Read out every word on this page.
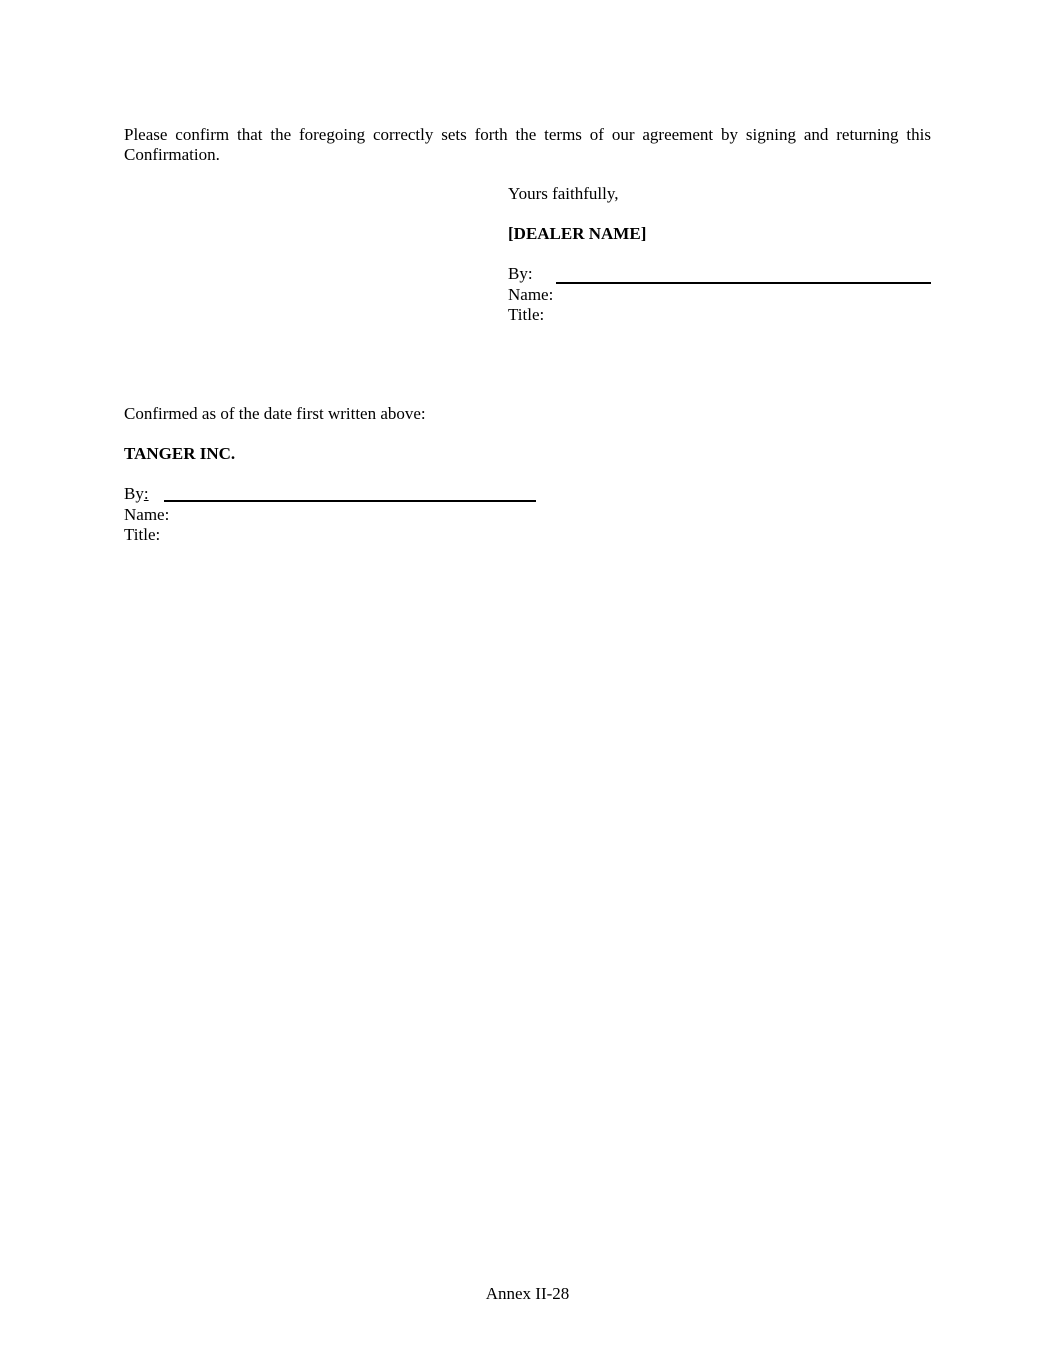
Please confirm that the foregoing correctly sets forth the terms of our agreement by signing and returning this Confirmation.
Yours faithfully,
[DEALER NAME]
By:
Name:
Title:
Confirmed as of the date first written above:
TANGER INC.
By:
Name:
Title:
Annex II-28
